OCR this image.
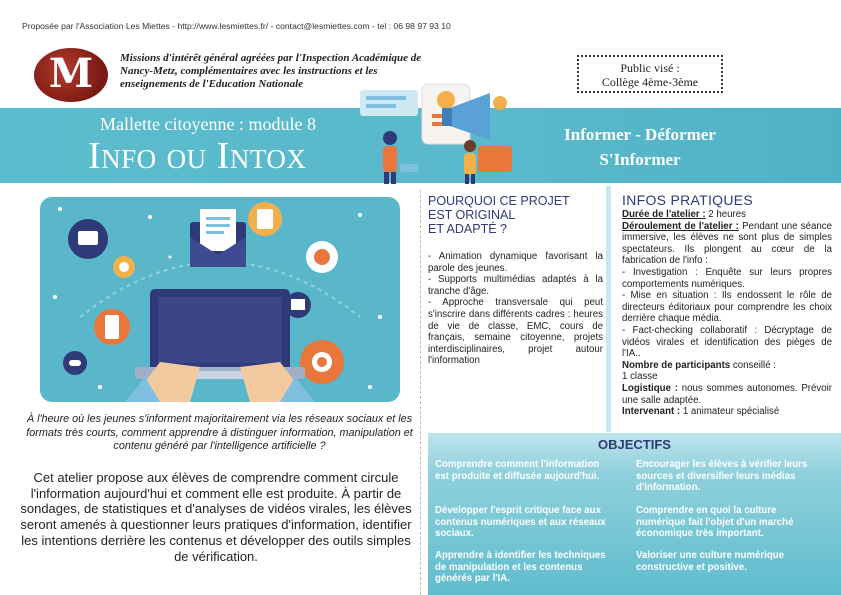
Proposée par l'Association Les Miettes - http://www.lesmiettes.fr/ - contact@lesmiettes.com - tel : 06 98 97 93 10
M	Missions d'intérêt général agréées par l'Inspection Académique de Nancy-Metz, complémentaires avec les instructions et les enseignements de l'Education Nationale
Public visé :
Collège 4ème-3ème
Mallette citoyenne : module 8
Info ou Intox
Informer - Déformer
S'Informer
À l'heure où les jeunes s'informent majoritairement via les réseaux sociaux et les formats très courts, comment apprendre à distinguer information, manipulation et contenu généré par l'intelligence artificielle ?
Cet atelier propose aux élèves de comprendre comment circule l'information aujourd'hui et comment elle est produite. À partir de sondages, de statistiques et d'analyses de vidéos virales, les élèves seront amenés à questionner leurs pratiques d'information, identifier les intentions derrière les contenus et développer des outils simples de vérification.
POURQUOI CE PROJET
EST ORIGINAL
ET ADAPTÉ ?
- Animation dynamique favorisant la parole des jeunes.
- Supports multimédias adaptés à la tranche d'âge.
- Approche transversale qui peut s'inscrire dans différents cadres : heures de vie de classe, EMC, cours de français, semaine citoyenne, projets interdisciplinaires, projet autour l'information
INFOS PRATIQUES
Durée de l'atelier : 2 heures
Déroulement de l'atelier : Pendant une séance immersive, les élèves ne sont plus de simples spectateurs. Ils plongent au cœur de la fabrication de l'info :
- Investigation : Enquête sur leurs propres comportements numériques.
- Mise en situation : Ils endossent le rôle de directeurs éditoriaux pour comprendre les choix derrière chaque média.
- Fact-checking collaboratif : Décryptage de vidéos virales et identification des pièges de l'IA..
Nombre de participants conseillé :
1 classe
Logistique : nous sommes autonomes. Prévoir une salle adaptée.
Intervenant : 1 animateur spécialisé
OBJECTIFS
Comprendre comment l'information est produite et diffusée aujourd'hui.
Développer l'esprit critique face aux contenus numériques et aux réseaux sociaux.
Apprendre à identifier les techniques de manipulation et les contenus générés par l'IA.
Encourager les élèves à vérifier leurs sources et diversifier leurs médias d'information.
Comprendre en quoi la culture numérique fait l'objet d'un marché économique très important.
Valoriser une culture numérique constructive et positive.
